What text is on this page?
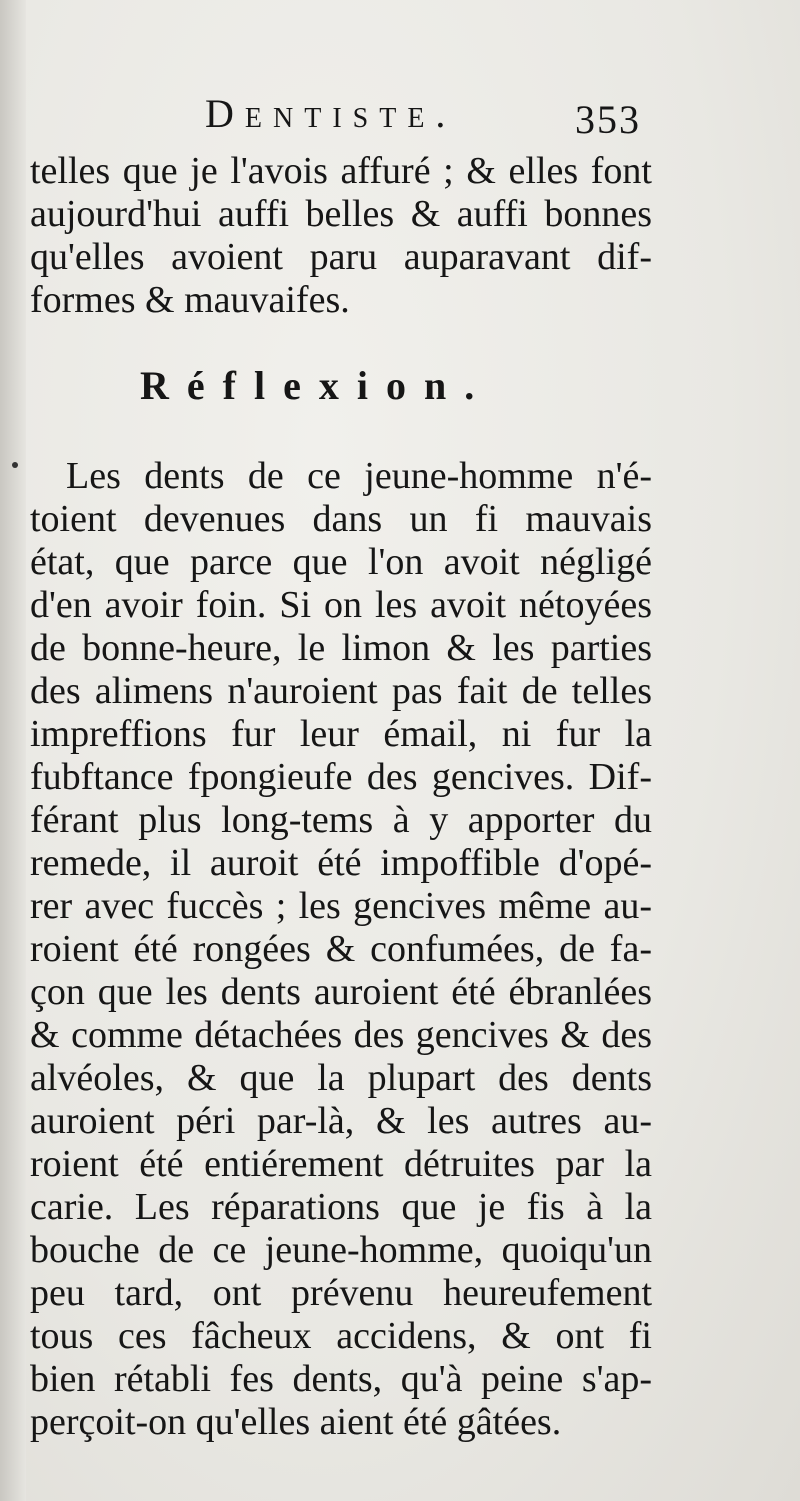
Dentiste.	353
telles que je l'avois affuré ; & elles font
aujourd'hui auffi belles & auffi bonnes
qu'elles avoient paru auparavant dif-
formes & mauvaifes.
Réflexion.
Les dents de ce jeune-homme n'é-
toient devenues dans un fi mauvais
état, que parce que l'on avoit négligé
d'en avoir foin. Si on les avoit nétoyées
de bonne-heure, le limon & les parties
des alimens n'auroient pas fait de telles
impreffions fur leur émail, ni fur la
fubftance fpongieufe des gencives. Dif-
férant plus long-tems à y apporter du
remede, il auroit été impoffible d'opé-
rer avec fuccès ; les gencives même au-
roient été rongées & confumées, de fa-
çon que les dents auroient été ébranlées
& comme détachées des gencives & des
alvéoles, & que la plupart des dents
auroient péri par-là, & les autres au-
roient été entiérement détruites par la
carie. Les réparations que je fis à la
bouche de ce jeune-homme, quoiqu'un
peu tard, ont prévenu heureufement
tous ces fâcheux accidens, & ont fi
bien rétabli fes dents, qu'à peine s'ap-
perçoit-on qu'elles aient été gâtées.
